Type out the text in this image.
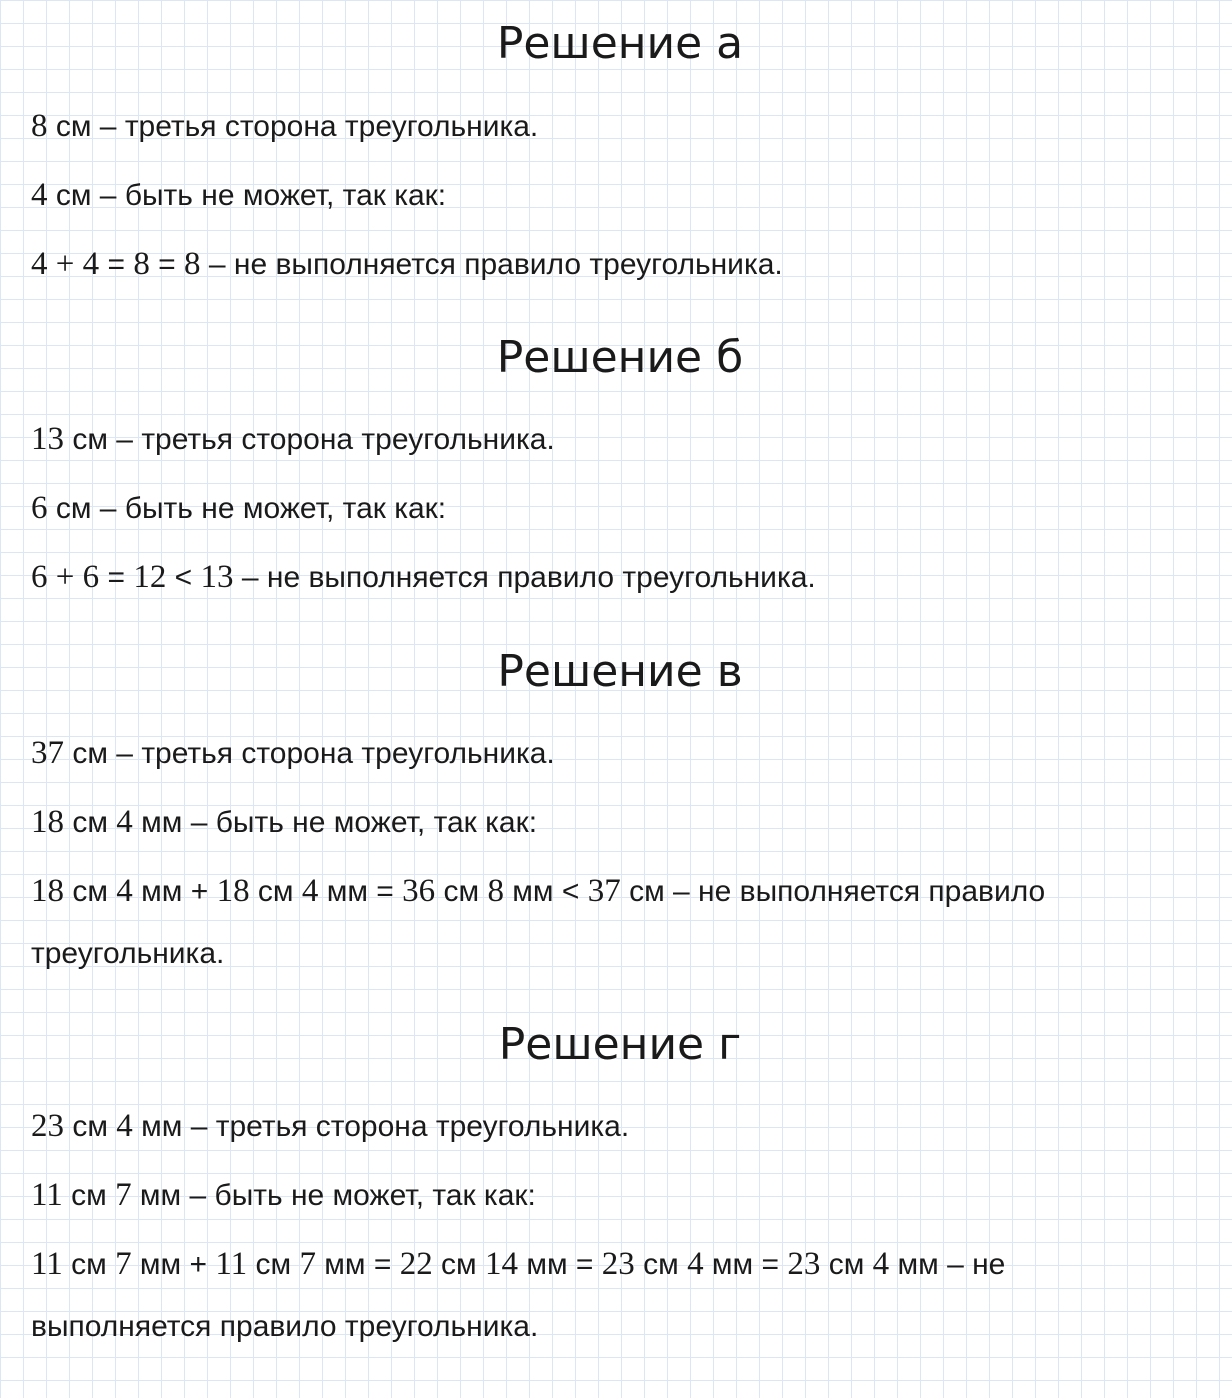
Решение а

8 см – третья сторона треугольника.

4 см – быть не может, так как:

4 + 4 = 8 = 8 – не выполняется правило треугольника.

Решение б

13 см – третья сторона треугольника.

6 см – быть не может, так как:

6 + 6 = 12 < 13 – не выполняется правило треугольника.

Решение в

37 см – третья сторона треугольника.

18 см 4 мм – быть не может, так как:

18 см 4 мм + 18 см 4 мм = 36 см 8 мм < 37 см – не выполняется правило

треугольника.

Решение г

23 см 4 мм – третья сторона треугольника.

11 см 7 мм – быть не может, так как:

11 см 7 мм + 11 см 7 мм = 22 см 14 мм = 23 см 4 мм = 23 см 4 мм – не

выполняется правило треугольника.
